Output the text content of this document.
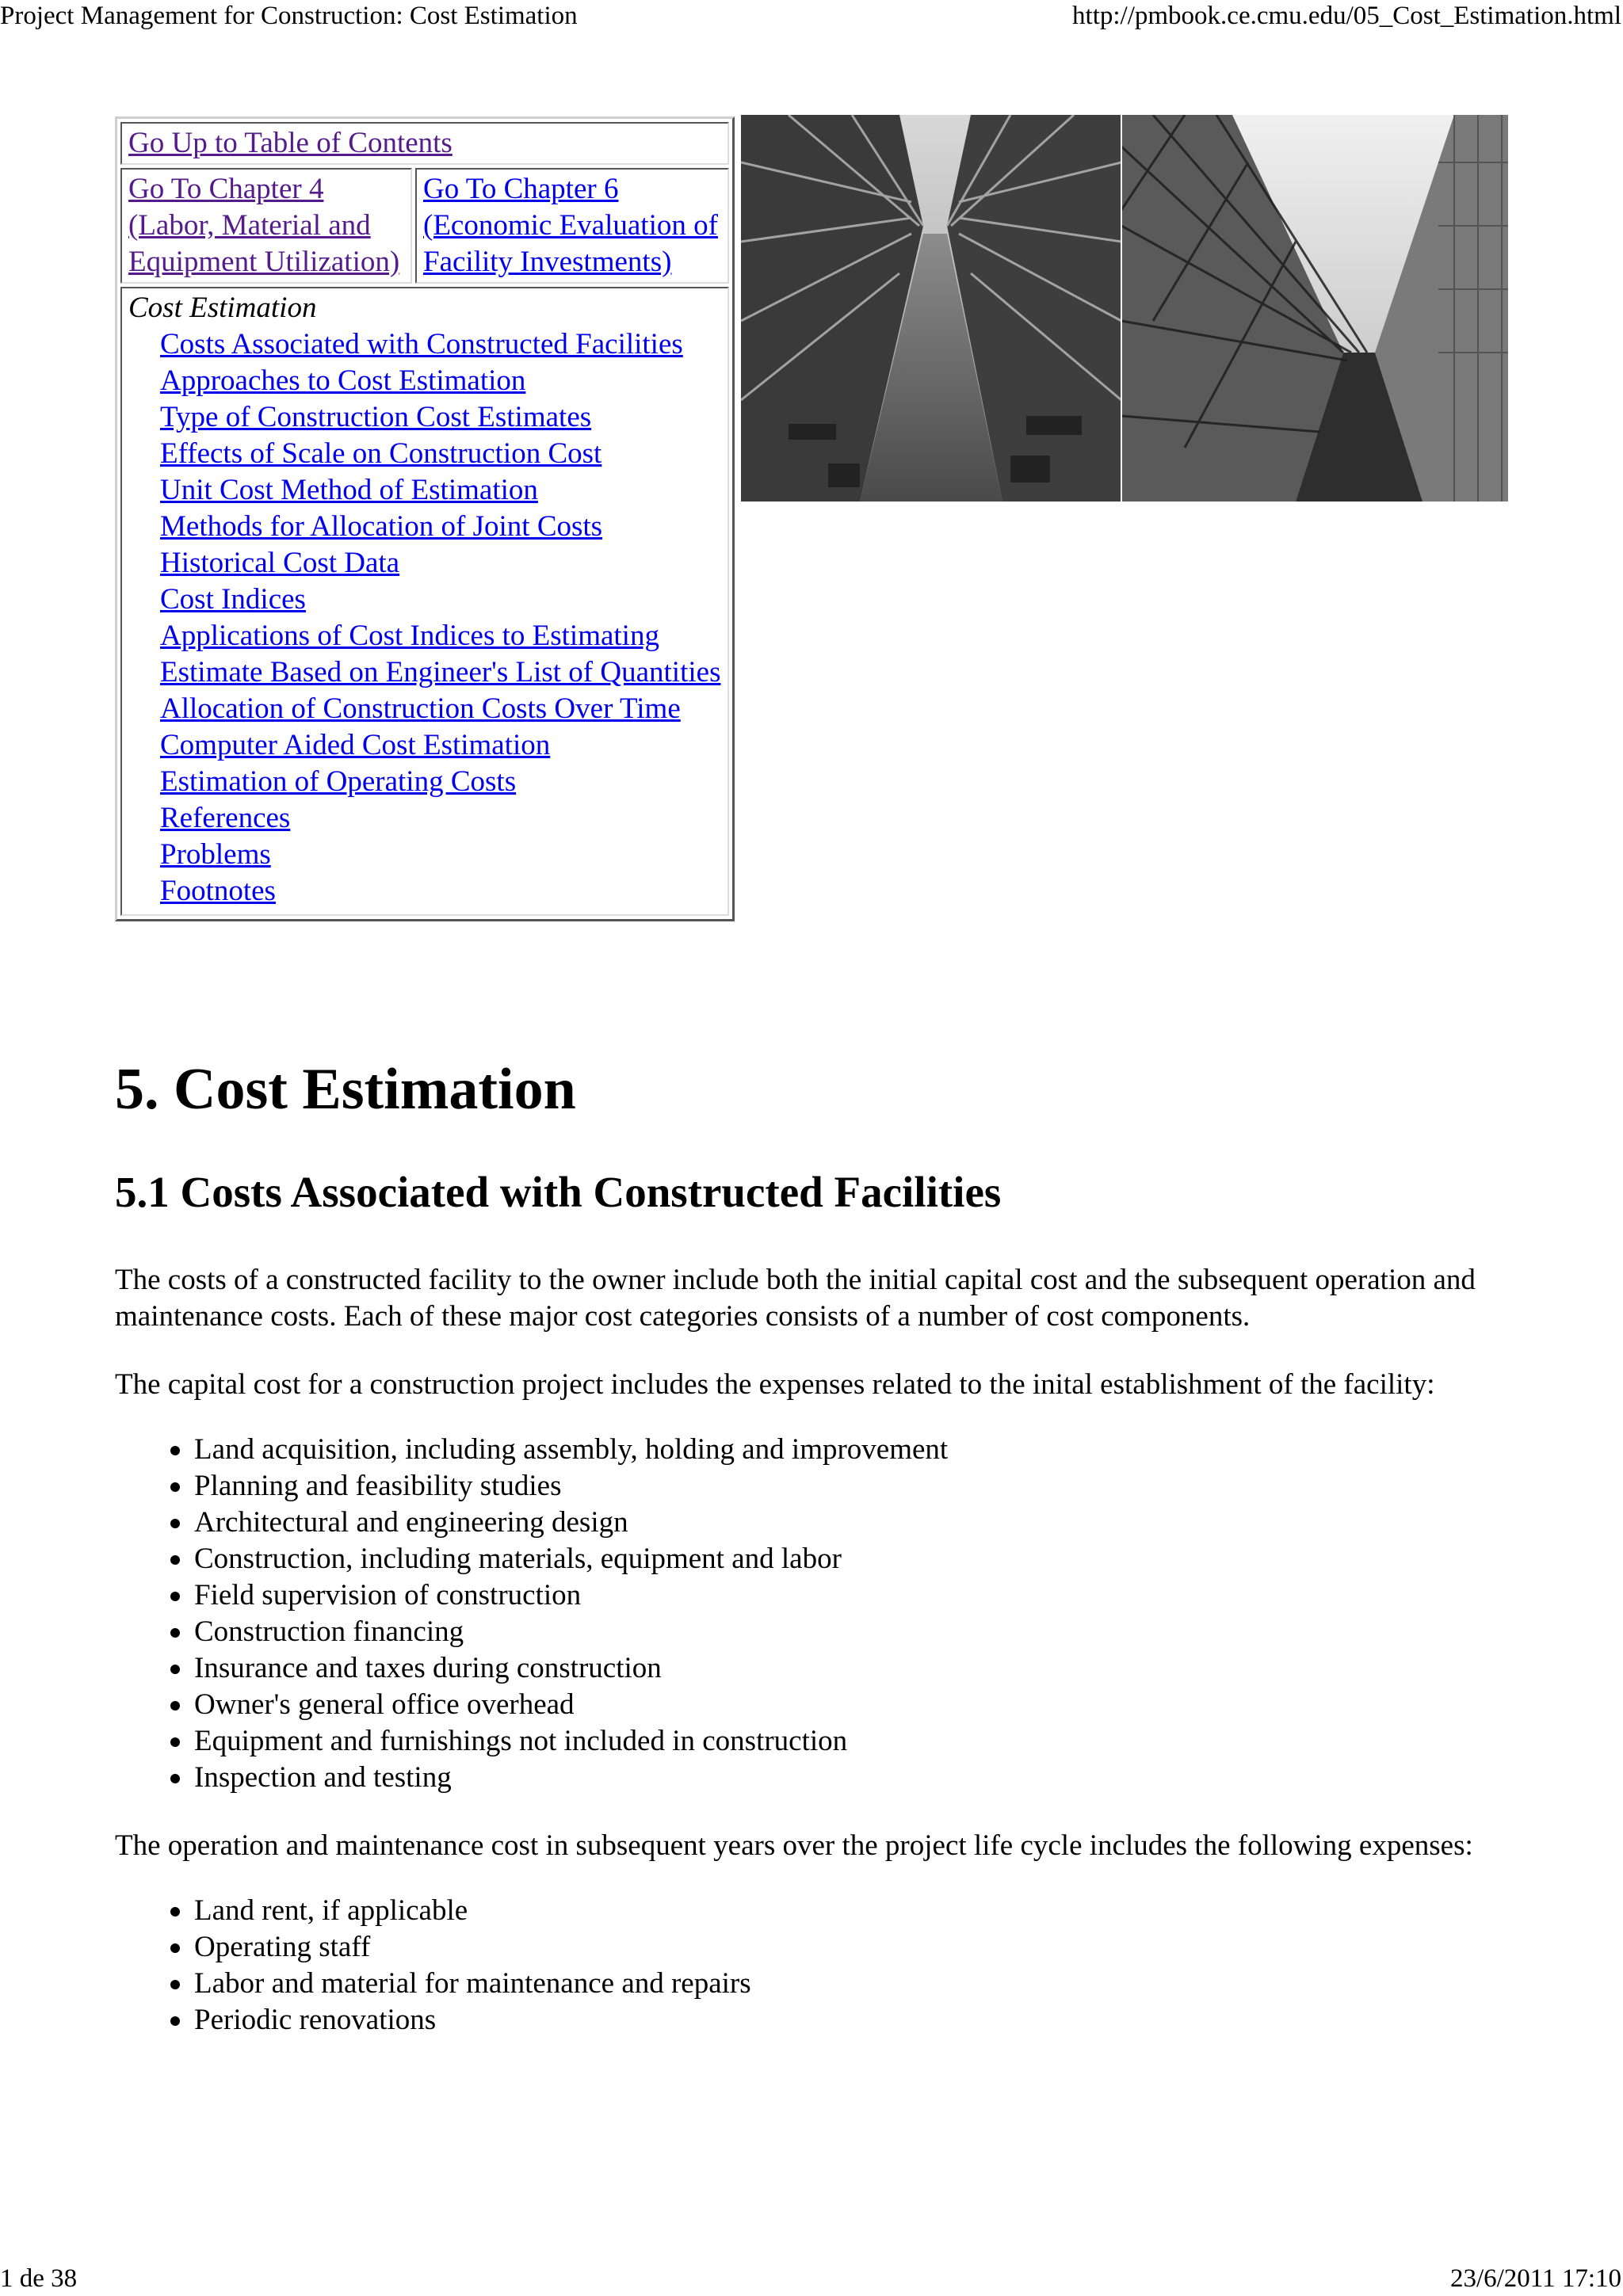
Project Management for Construction: Cost Estimation	http://pmbook.ce.cmu.edu/05_Cost_Estimation.html
Go Up to Table of Contents
Go To Chapter 4 (Labor, Material and Equipment Utilization)
Go To Chapter 6 (Economic Evaluation of Facility Investments)
Cost Estimation
Costs Associated with Constructed Facilities
Approaches to Cost Estimation
Type of Construction Cost Estimates
Effects of Scale on Construction Cost
Unit Cost Method of Estimation
Methods for Allocation of Joint Costs
Historical Cost Data
Cost Indices
Applications of Cost Indices to Estimating
Estimate Based on Engineer's List of Quantities
Allocation of Construction Costs Over Time
Computer Aided Cost Estimation
Estimation of Operating Costs
References
Problems
Footnotes
5. Cost Estimation
5.1 Costs Associated with Constructed Facilities

The costs of a constructed facility to the owner include both the initial capital cost and the subsequent operation and maintenance costs. Each of these major cost categories consists of a number of cost components.

The capital cost for a construction project includes the expenses related to the inital establishment of the facility:

Land acquisition, including assembly, holding and improvement
Planning and feasibility studies
Architectural and engineering design
Construction, including materials, equipment and labor
Field supervision of construction
Construction financing
Insurance and taxes during construction
Owner's general office overhead
Equipment and furnishings not included in construction
Inspection and testing

The operation and maintenance cost in subsequent years over the project life cycle includes the following expenses:

Land rent, if applicable
Operating staff
Labor and material for maintenance and repairs
Periodic renovations
1 de 38	23/6/2011 17:10
